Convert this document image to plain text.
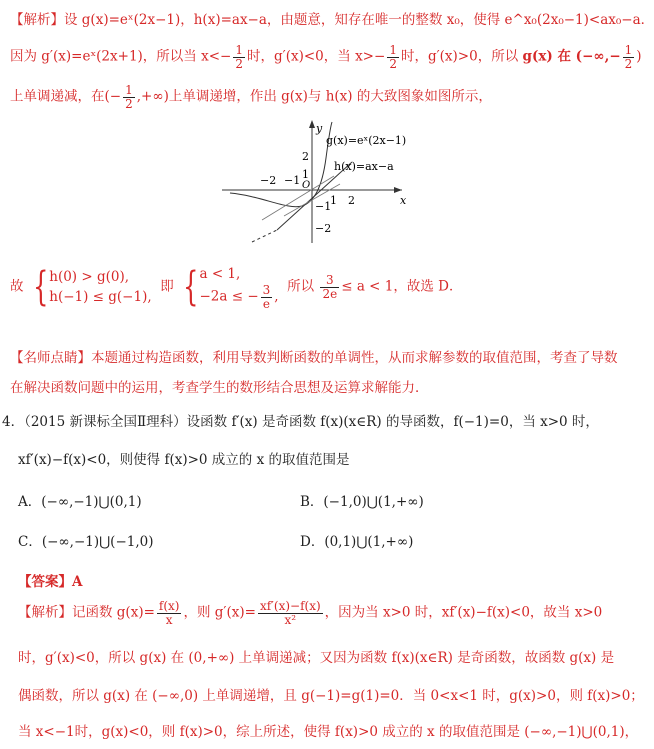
【解析】设 g(x)=eˣ(2x−1)，h(x)=ax−a，由题意，知存在唯一的整数 x₀，使得 e^x₀(2x₀−1)<ax₀−a．
因为 g′(x)=eˣ(2x+1)，所以当 $x<- \frac{1}{2}$ 时，g′(x)<0，当 $x>- \frac{1}{2}$ 时，g′(x)>0，所以 g(x) 在 (−∞,− $\frac{1}{2}$ )
上单调递减，在(− $\frac{1}{2}$ ,+∞)上单调递增，作出 g(x)与 h(x) 的大致图象如图所示，
y
x
g(x)=eˣ(2x−1)
h(x)=ax−a
2
1
−1
−2
−2 −1 O
1 2
故 { h(0) > g(0),
h(−1) ≤ g(−1),
即 { a < 1,
−2a ≤ − $\frac{3}{e}$ ,
所以 $\frac{3}{2e} \le a < 1$，故选 D．
【名师点睛】本题通过构造函数，利用导数判断函数的单调性，从而求解参数的取值范围，考查了导数
在解决函数问题中的运用，考查学生的数形结合思想及运算求解能力．
4．（2015 新课标全国Ⅱ理科）设函数 f′(x) 是奇函数 f(x)(x∈R) 的导函数，f(−1)=0，当 x>0 时，
xf′(x)−f(x)<0，则使得 f(x)>0 成立的 x 的取值范围是
A．(−∞,−1)⋃(0,1)	B．(−1,0)⋃(1,+∞)
C．(−∞,−1)⋃(−1,0)	D．(0,1)⋃(1,+∞)
【答案】A
【解析】记函数 $g(x)= \frac{f(x)}{x}$ ，则 $g'(x)= \frac{xf'(x)-f(x)}{\text{x²}}$ ，因为当 x>0 时，xf′(x)−f(x)<0，故当 x>0
时，g′(x)<0，所以 g(x) 在 (0,+∞) 上单调递减；又因为函数 f(x)(x∈R) 是奇函数，故函数 g(x) 是
偶函数，所以 g(x) 在 (−∞,0) 上单调递增，且 g(−1)=g(1)=0．当 0<x<1 时，g(x)>0，则 f(x)>0；
当 x<−1时，g(x)<0，则 f(x)>0，综上所述，使得 f(x)>0 成立的 x 的取值范围是 (−∞,−1)⋃(0,1)，
